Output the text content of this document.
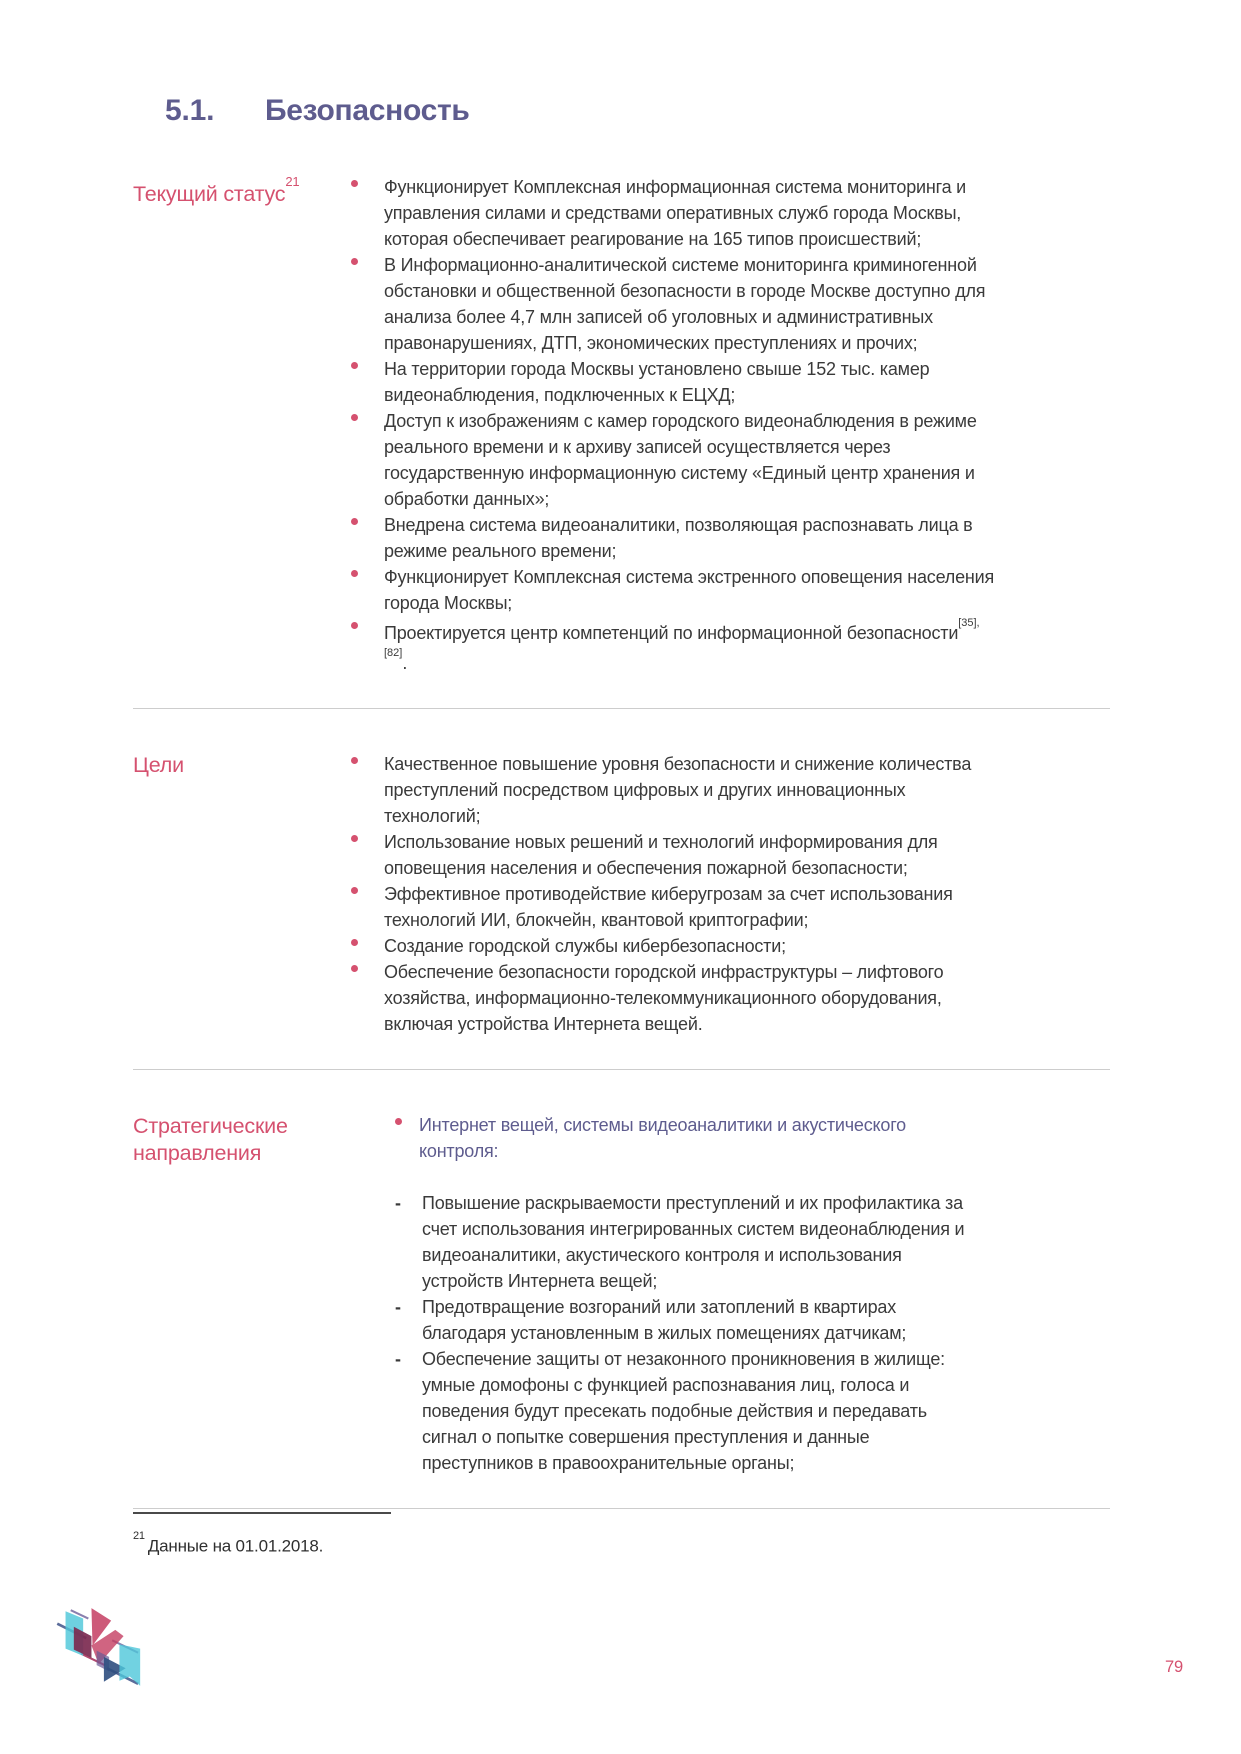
5.1.	Безопасность
Текущий статус$^{21}$	Функционирует Комплексная информационная система мониторинга и управления силами и средствами оперативных служб города Москвы, которая обеспечивает реагирование на 165 типов происшествий;
В Информационно-аналитической системе мониторинга криминогенной обстановки и общественной безопасности в городе Москве доступно для анализа более 4,7 млн записей об уголовных и административных правонарушениях, ДТП, экономических преступлениях и прочих;
На территории города Москвы установлено свыше 152 тыс. камер видеонаблюдения, подключенных к ЕЦХД;
Доступ к изображениям с камер городского видеонаблюдения в режиме реального времени и к архиву записей осуществляется через государственную информационную систему «Единый центр хранения и обработки данных»;
Внедрена система видеоаналитики, позволяющая распознавать лица в режиме реального времени;
Функционирует Комплексная система экстренного оповещения населения города Москвы;
Проектируется центр компетенций по информационной безопасности[35], [82].
Цели	Качественное повышение уровня безопасности и снижение количества преступлений посредством цифровых и других инновационных технологий;
Использование новых решений и технологий информирования для оповещения населения и обеспечения пожарной безопасности;
Эффективное противодействие киберугрозам за счет использования технологий ИИ, блокчейн, квантовой криптографии;
Создание городской службы кибербезопасности;
Обеспечение безопасности городской инфраструктуры – лифтового хозяйства, информационно-телекоммуникационного оборудования, включая устройства Интернета вещей.
Стратегические направления
Интернет вещей, системы видеоаналитики и акустического контроля:
-	Повышение раскрываемости преступлений и их профилактика за счет использования интегрированных систем видеонаблюдения и видеоаналитики, акустического контроля и использования устройств Интернета вещей;
-	Предотвращение возгораний или затоплений в квартирах благодаря установленным в жилых помещениях датчикам;
-	Обеспечение защиты от незаконного проникновения в жилище: умные домофоны с функцией распознавания лиц, голоса и поведения будут пресекать подобные действия и передавать сигнал о попытке совершения преступления и данные преступников в правоохранительные органы;

$^{21}$Данные на 01.01.2018.

79
